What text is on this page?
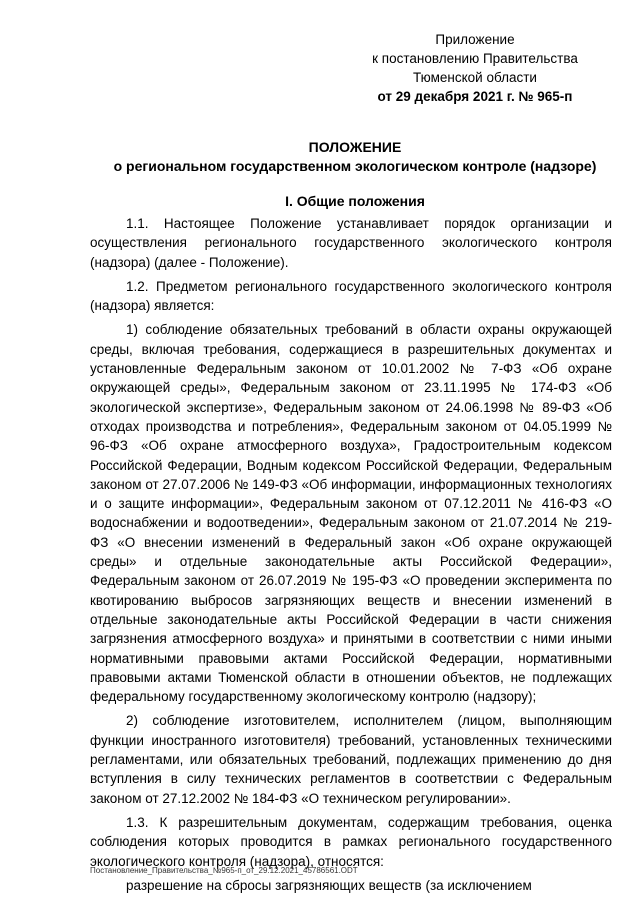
Приложение
к постановлению Правительства
Тюменской области
от 29 декабря 2021 г. № 965-п
ПОЛОЖЕНИЕ
о региональном государственном экологическом контроле (надзоре)
I. Общие положения

1.1. Настоящее Положение устанавливает порядок организации и осуществления регионального государственного экологического контроля (надзора) (далее - Положение).

1.2. Предметом регионального государственного экологического контроля (надзора) является:

1) соблюдение обязательных требований в области охраны окружающей среды, включая требования, содержащиеся в разрешительных документах и установленные Федеральным законом от 10.01.2002 № 7-ФЗ «Об охране окружающей среды», Федеральным законом от 23.11.1995 № 174-ФЗ «Об экологической экспертизе», Федеральным законом от 24.06.1998 № 89-ФЗ «Об отходах производства и потребления», Федеральным законом от 04.05.1999 № 96-ФЗ «Об охране атмосферного воздуха», Градостроительным кодексом Российской Федерации, Водным кодексом Российской Федерации, Федеральным законом от 27.07.2006 № 149-ФЗ «Об информации, информационных технологиях и о защите информации», Федеральным законом от 07.12.2011 № 416-ФЗ «О водоснабжении и водоотведении», Федеральным законом от 21.07.2014 № 219-ФЗ «О внесении изменений в Федеральный закон «Об охране окружающей среды» и отдельные законодательные акты Российской Федерации», Федеральным законом от 26.07.2019 № 195-ФЗ «О проведении эксперимента по квотированию выбросов загрязняющих веществ и внесении изменений в отдельные законодательные акты Российской Федерации в части снижения загрязнения атмосферного воздуха» и принятыми в соответствии с ними иными нормативными правовыми актами Российской Федерации, нормативными правовыми актами Тюменской области в отношении объектов, не подлежащих федеральному государственному экологическому контролю (надзору);

2) соблюдение изготовителем, исполнителем (лицом, выполняющим функции иностранного изготовителя) требований, установленных техническими регламентами, или обязательных требований, подлежащих применению до дня вступления в силу технических регламентов в соответствии с Федеральным законом от 27.12.2002 № 184-ФЗ «О техническом регулировании».

1.3. К разрешительным документам, содержащим требования, оценка соблюдения которых проводится в рамках регионального государственного экологического контроля (надзора), относятся:

разрешение на сбросы загрязняющих веществ (за исключением

Постановление_Правительства_№965-п_от_29.12.2021_45786561.ODT
